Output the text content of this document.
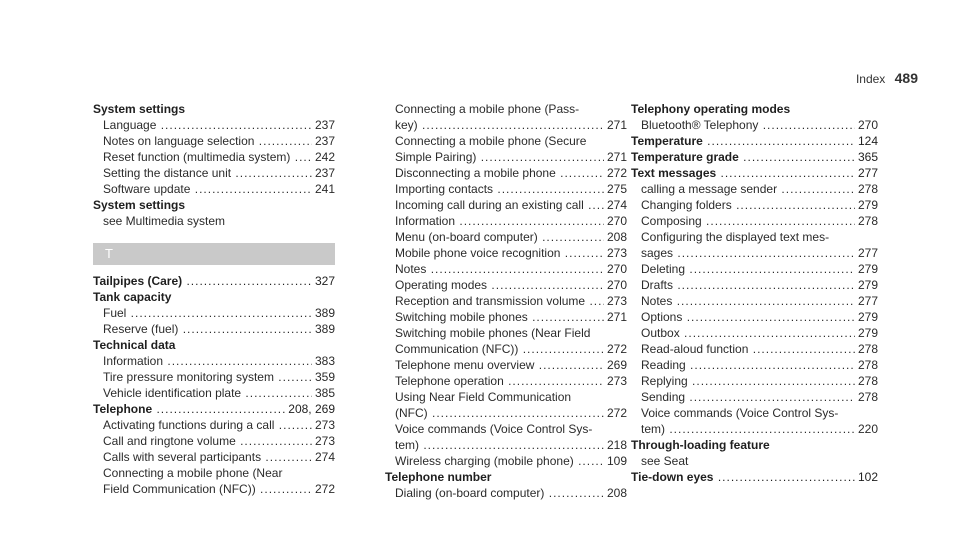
Index 489
System settings
Language .....	237
Notes on language selection .....	237
Reset function (multimedia system) .....	242
Setting the distance unit .....	237
Software update .....	241
System settings
see Multimedia system
T
Tailpipes (Care) .....	327
Tank capacity
Fuel .....	389
Reserve (fuel) .....	389
Technical data
Information .....	383
Tire pressure monitoring system .....	359
Vehicle identification plate .....	385
Telephone .....	208, 269
Activating functions during a call .....	273
Call and ringtone volume .....	273
Calls with several participants .....	274
Connecting a mobile phone (Near
Field Communication (NFC)) .....	272
Connecting a mobile phone (Pass-
key) .....	271
Connecting a mobile phone (Secure
Simple Pairing) .....	271
Disconnecting a mobile phone .....	272
Importing contacts .....	275
Incoming call during an existing call .....	274
Information .....	270
Menu (on-board computer) .....	208
Mobile phone voice recognition .....	273
Notes .....	270
Operating modes .....	270
Reception and transmission volume .....	273
Switching mobile phones .....	271
Switching mobile phones (Near Field
Communication (NFC)) .....	272
Telephone menu overview .....	269
Telephone operation .....	273
Using Near Field Communication
(NFC) .....	272
Voice commands (Voice Control Sys-
tem) .....	218
Wireless charging (mobile phone) .....	109
Telephone number
Dialing (on-board computer) .....	208
Telephony operating modes
Bluetooth® Telephony .....	270
Temperature .....	124
Temperature grade .....	365
Text messages .....	277
calling a message sender .....	278
Changing folders .....	279
Composing .....	278
Configuring the displayed text mes-
sages .....	277
Deleting .....	279
Drafts .....	279
Notes .....	277
Options .....	279
Outbox .....	279
Read-aloud function .....	278
Reading .....	278
Replying .....	278
Sending .....	278
Voice commands (Voice Control Sys-
tem) .....	220
Through-loading feature
see Seat
Tie-down eyes .....	102
